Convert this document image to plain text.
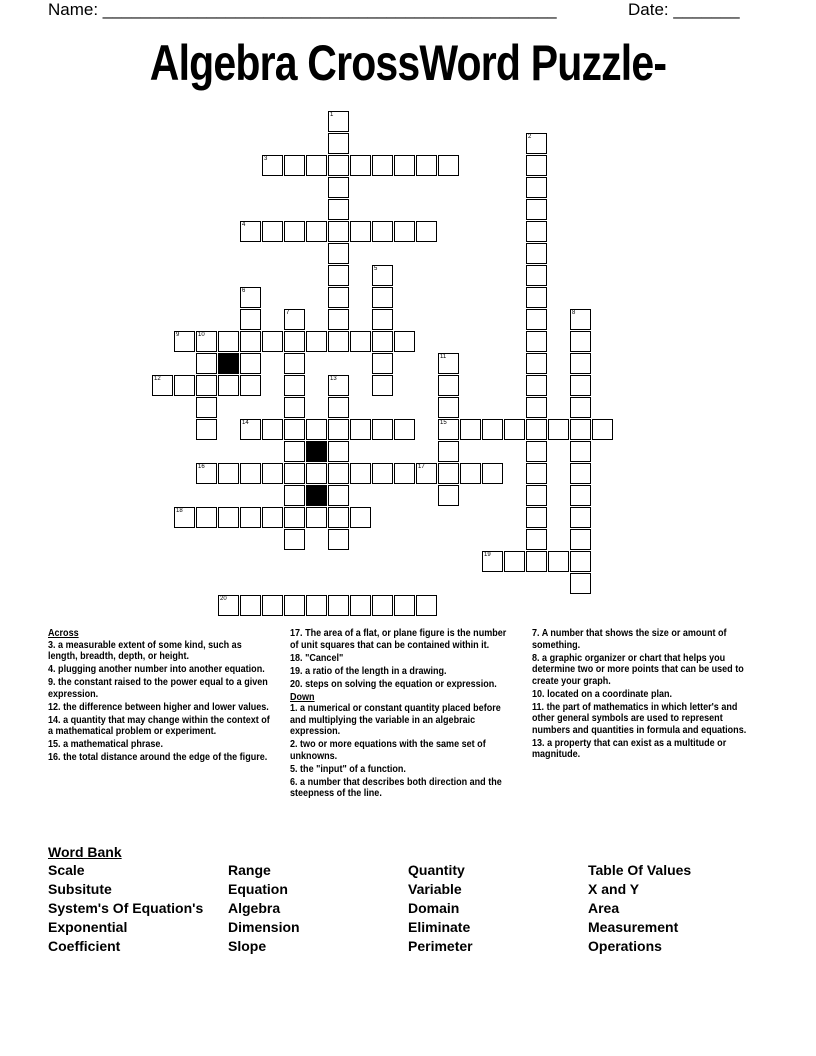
Name: ________________________________________________	Date: _______
Algebra CrossWord Puzzle-
1
2
3
4
5
6
7	8
9	10
11
15
12	13
14
16	17
18
19
20
Across
3. a measurable extent of some kind, such as length, breadth, depth, or height.
4. plugging another number into another equation.
9. the constant raised to the power equal to a given expression.
12. the difference between higher and lower values.
14. a quantity that may change within the context of a mathematical problem or experiment.
15. a mathematical phrase.
16. the total distance around the edge of the figure.
17. The area of a flat, or plane figure is the number of unit squares that can be contained within it.
18. "Cancel"
19. a ratio of the length in a drawing.
20. steps on solving the equation or expression.
Down
1. a numerical or constant quantity placed before and multiplying the variable in an algebraic expression.
2. two or more equations with the same set of unknowns.
5. the "input" of a function.
6. a number that describes both direction and the steepness of the line.
7. A number that shows the size or amount of something.
8. a graphic organizer or chart that helps you determine two or more points that can be used to create your graph.
10. located on a coordinate plan.
11. the part of mathematics in which letter's and other general symbols are used to represent numbers and quantities in formula and equations.
13. a property that can exist as a multitude or magnitude.
Word Bank
Scale
Subsitute
System's Of Equation's
Exponential
Coefficient
Range
Equation
Algebra
Dimension
Slope
Quantity
Variable
Domain
Eliminate
Perimeter
Table Of Values
X and Y
Area
Measurement
Operations
